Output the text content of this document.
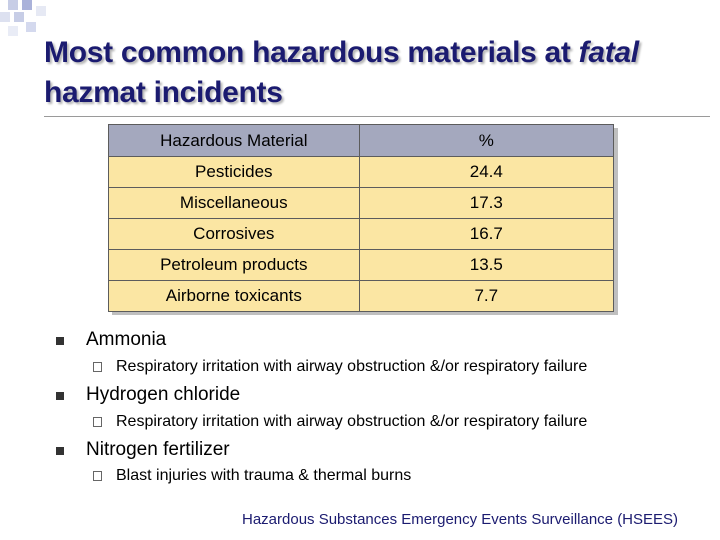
Most common hazardous materials at fatal
hazmat incidents
Hazardous Material	%
Pesticides	24.4
Miscellaneous	17.3
Corrosives	16.7
Petroleum products	13.5
Airborne toxicants	7.7
Ammonia
Respiratory irritation with airway obstruction &/or respiratory failure
Hydrogen chloride
Respiratory irritation with airway obstruction &/or respiratory failure
Nitrogen fertilizer
Blast injuries with trauma & thermal burns
Hazardous Substances Emergency Events Surveillance (HSEES)
